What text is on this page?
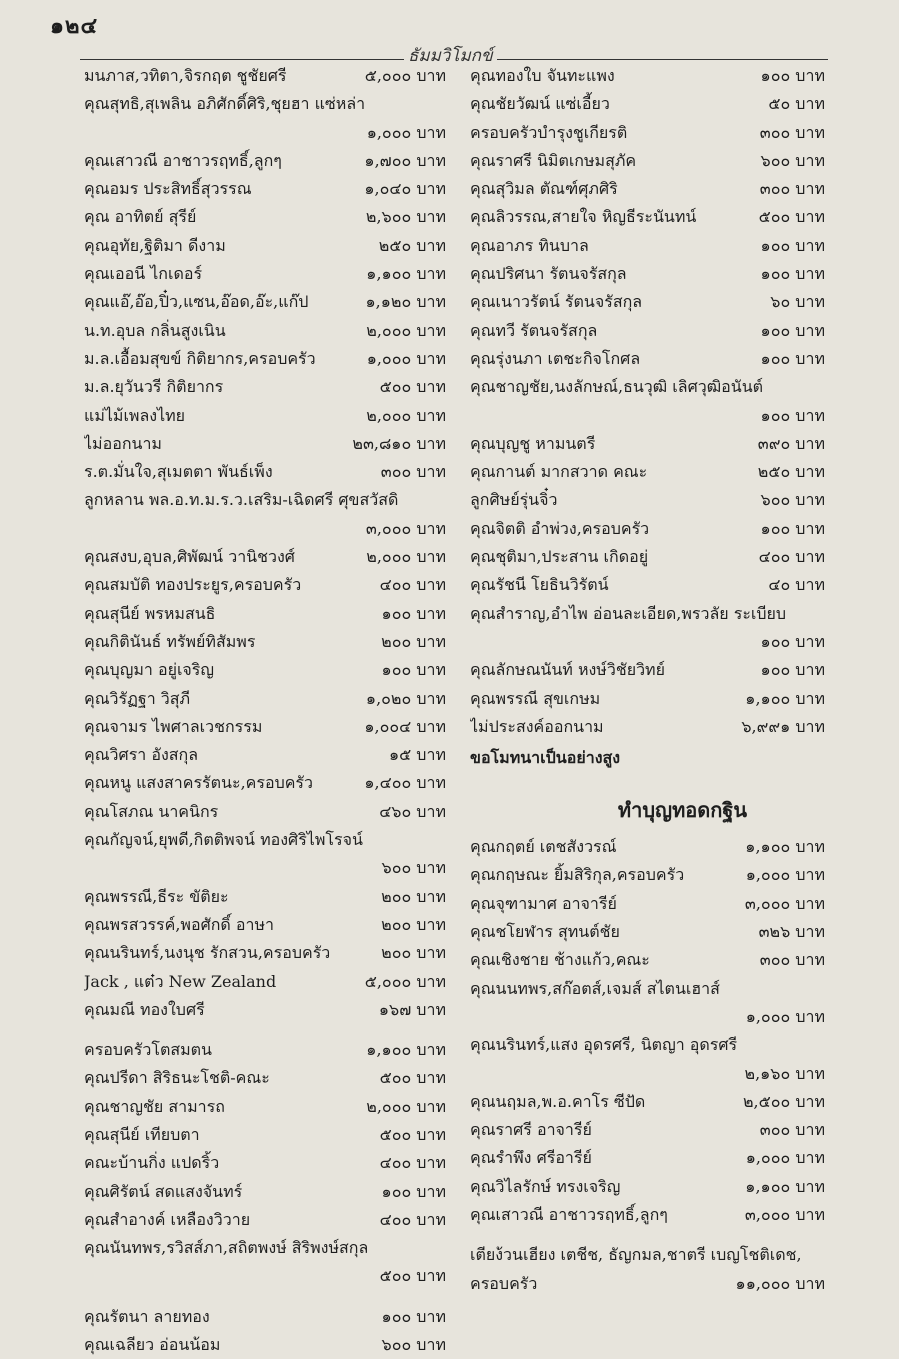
๑๒๔
ธัมมวิโมกข์
มนภาส,วทิตา,จิรกฤต ชูชัยศรี	๕,๐๐๐ บาท
คุณสุทธิ,สุเพลิน อภิศักดิ์ศิริ,ชุยฮา แซ่หล่า
๑,๐๐๐ บาท
คุณเสาวณี อาชาวรฤทธิ์,ลูกๆ	๑,๗๐๐ บาท
คุณอมร ประสิทธิ์สุวรรณ	๑,๐๔๐ บาท
คุณ อาทิตย์ สุรีย์	๒,๖๐๐ บาท
คุณอุทัย,ฐิติมา ดีงาม	๒๕๐ บาท
คุณเออนี ไกเดอร์	๑,๑๐๐ บาท
คุณแอ๊,อ๊อ,ปิ๋ว,แซน,อ๊อด,อ๊ะ,แก๊ป	๑,๑๒๐ บาท
น.ท.อุบล กลิ่นสูงเนิน	๒,๐๐๐ บาท
ม.ล.เอื้อมสุขข์ กิติยากร,ครอบครัว	๑,๐๐๐ บาท
ม.ล.ยุวันวรี กิติยากร	๕๐๐ บาท
แม่ไม้เพลงไทย	๒,๐๐๐ บาท
ไม่ออกนาม	๒๓,๘๑๐ บาท
ร.ต.มั่นใจ,สุเมตตา พันธ์เพ็ง	๓๐๐ บาท
ลูกหลาน พล.อ.ท.ม.ร.ว.เสริม-เฉิดศรี ศุขสวัสดิ
๓,๐๐๐ บาท
คุณสงบ,อุบล,ศิพัฒน์ วานิชวงศ์	๒,๐๐๐ บาท
คุณสมบัติ ทองประยูร,ครอบครัว	๔๐๐ บาท
คุณสุนีย์ พรหมสนธิ	๑๐๐ บาท
คุณกิตินันธ์ ทรัพย์ทิสัมพร	๒๐๐ บาท
คุณบุญมา อยู่เจริญ	๑๐๐ บาท
คุณวิรัฏฐา วิสุภี	๑,๐๒๐ บาท
คุณจามร ไพศาลเวชกรรม	๑,๐๐๔ บาท
คุณวิศรา อังสกุล	๑๕ บาท
คุณหนู แสงสาครรัตนะ,ครอบครัว	๑,๔๐๐ บาท
คุณโสภณ นาคนิกร	๔๖๐ บาท
คุณกัญจน์,ยุพดี,กิตติพจน์ ทองศิริไพโรจน์
๖๐๐ บาท
คุณพรรณี,ธีระ ขัติยะ	๒๐๐ บาท
คุณพรสวรรค์,พอศักดิ์ อาษา	๒๐๐ บาท
คุณนรินทร์,นงนุช รักสวน,ครอบครัว	๒๐๐ บาท
Jack , แต๋ว New Zealand	๕,๐๐๐ บาท
คุณมณี ทองใบศรี	๑๖๗ บาท
ครอบครัวโตสมตน	๑,๑๐๐ บาท
คุณปรีดา สิริธนะโชติ-คณะ	๕๐๐ บาท
คุณชาญชัย สามารถ	๒,๐๐๐ บาท
คุณสุนีย์ เทียบตา	๕๐๐ บาท
คณะบ้านกิ่ง แปดริ้ว	๔๐๐ บาท
คุณศิรัตน์ สดแสงจันทร์	๑๐๐ บาท
คุณสำอางค์ เหลืองวิวาย	๔๐๐ บาท
คุณนันทพร,รวิสส์ภา,สถิตพงษ์ สิริพงษ์สกุล
๕๐๐ บาท
คุณรัตนา ลายทอง	๑๐๐ บาท
คุณเฉลียว อ่อนน้อม	๖๐๐ บาท
คุณทองใบ จันทะแพง	๑๐๐ บาท
คุณชัยวัฒน์ แซ่เอี้ยว	๕๐ บาท
ครอบครัวบำรุงชูเกียรติ	๓๐๐ บาท
คุณราศรี นิมิตเกษมสุภัค	๖๐๐ บาท
คุณสุวิมล ตัณฑ์ศุภศิริ	๓๐๐ บาท
คุณลิวรรณ,สายใจ หิญธีระนันทน์	๕๐๐ บาท
คุณอาภร ทินบาล	๑๐๐ บาท
คุณปริศนา รัตนจรัสกุล	๑๐๐ บาท
คุณเนาวรัตน์ รัตนจรัสกุล	๖๐ บาท
คุณทวี รัตนจรัสกุล	๑๐๐ บาท
คุณรุ่งนภา เตชะกิจโกศล	๑๐๐ บาท
คุณชาญชัย,นงลักษณ์,ธนวุฒิ เลิศวุฒิอนันต์
๑๐๐ บาท
คุณบุญชู หามนตรี	๓๙๐ บาท
คุณกานต์ มากสวาด คณะ	๒๕๐ บาท
ลูกศิษย์รุ่นจิ๋ว	๖๐๐ บาท
คุณจิตติ อำพ่วง,ครอบครัว	๑๐๐ บาท
คุณชุติมา,ประสาน เกิดอยู่	๔๐๐ บาท
คุณรัชนี โยธินวิรัตน์	๔๐ บาท
คุณสำราญ,อำไพ อ่อนละเอียด,พรวลัย ระเบียบ
๑๐๐ บาท
คุณลักษณนันท์ หงษ์วิชัยวิทย์	๑๐๐ บาท
คุณพรรณี สุขเกษม	๑,๑๐๐ บาท
ไม่ประสงค์ออกนาม	๖,๙๙๑ บาท
ขอโมทนาเป็นอย่างสูง
ทำบุญทอดกฐิน
คุณกฤตย์ เตชสังวรณ์	๑,๑๐๐ บาท
คุณกฤษณะ ยิ้มสิริกุล,ครอบครัว	๑,๐๐๐ บาท
คุณจุฑามาศ อาจารีย์	๓,๐๐๐ บาท
คุณชโยฬาร สุทนต์ชัย	๓๒๖ บาท
คุณเชิงชาย ช้างแก้ว,คณะ	๓๐๐ บาท
คุณนนทพร,สก๊อตส์,เจมส์ สไตนเฮาส์
๑,๐๐๐ บาท
คุณนรินทร์,แสง อุดรศรี, นิตญา อุดรศรี
๒,๑๖๐ บาท
คุณนฤมล,พ.อ.คาโร ซีปัด	๒,๕๐๐ บาท
คุณราศรี อาจารีย์	๓๐๐ บาท
คุณรำพึง ศรีอารีย์	๑,๐๐๐ บาท
คุณวิไลรักษ์ ทรงเจริญ	๑,๑๐๐ บาท
คุณเสาวณี อาชาวรฤทธิ์,ลูกๆ	๓,๐๐๐ บาท
เตียง้วนเฮียง เตชีช, ธัญกมล,ชาตรี เบญโชติเดช,
ครอบครัว	๑๑,๐๐๐ บาท
